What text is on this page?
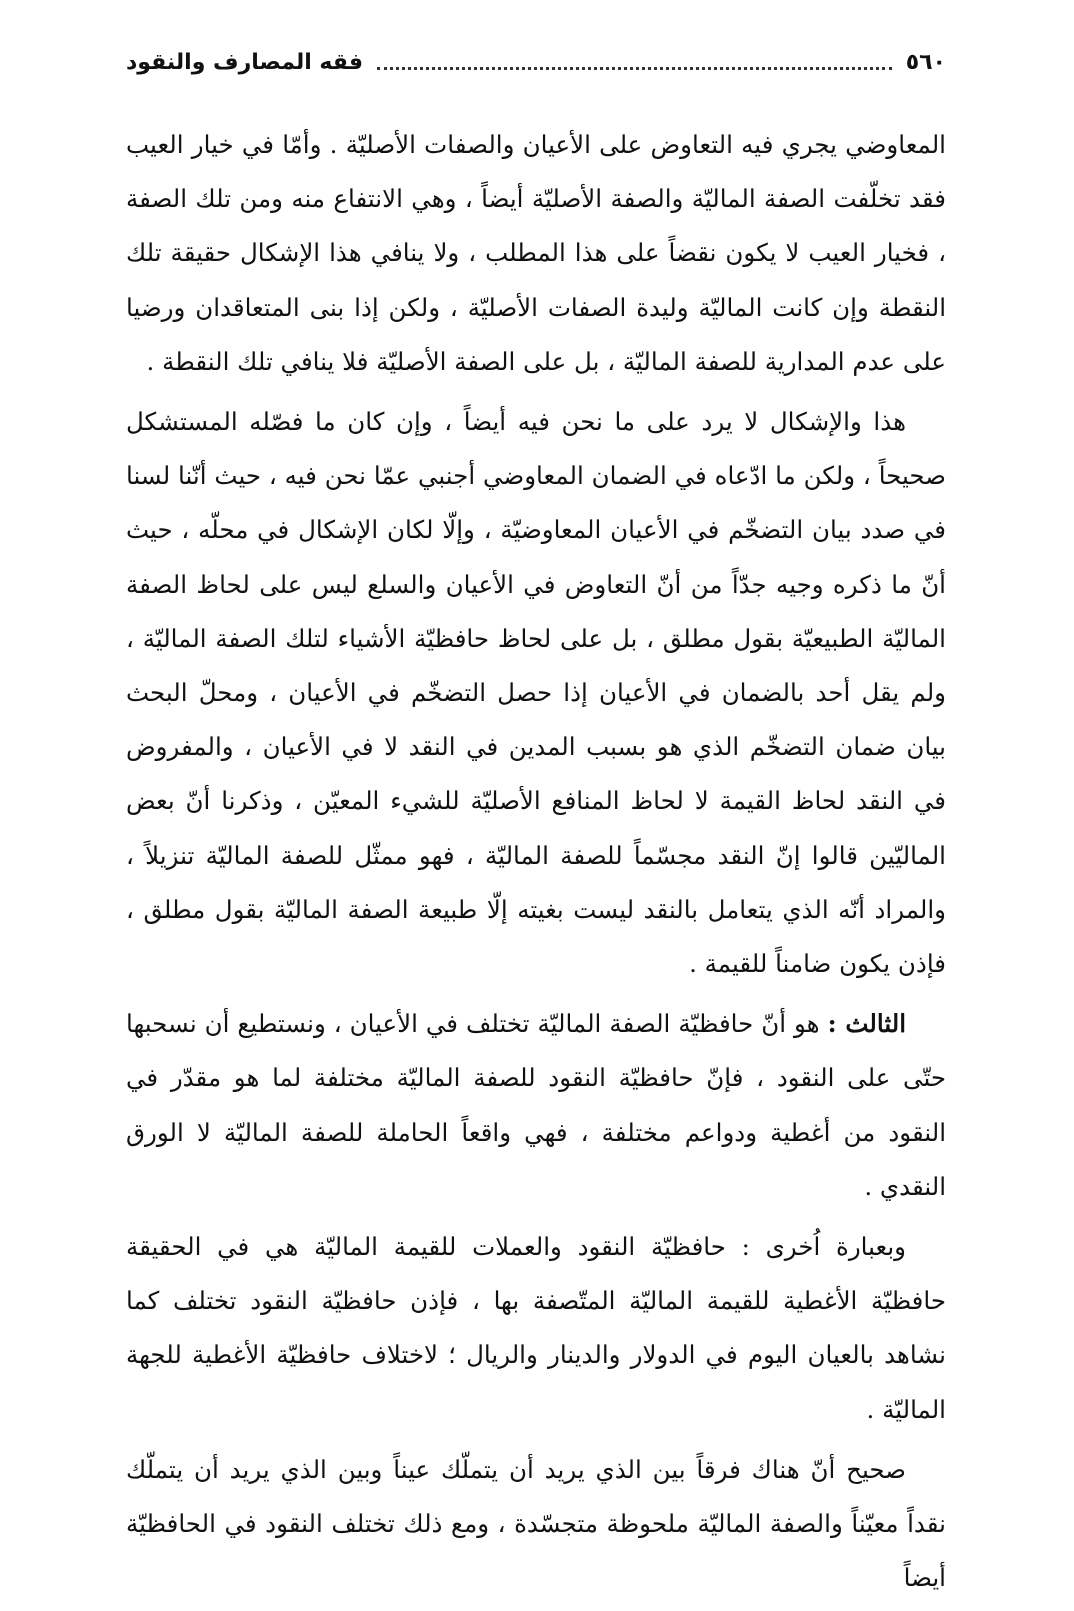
٥٦٠
فقه المصارف والنقود

المعاوضي يجري فيه التعاوض على الأعيان والصفات الأصليّة . وأمّا في خيار العيب فقد تخلّفت الصفة الماليّة والصفة الأصليّة أيضاً ، وهي الانتفاع منه ومن تلك الصفة ، فخيار العيب لا يكون نقضاً على هذا المطلب ، ولا ينافي هذا الإشكال حقيقة تلك النقطة وإن كانت الماليّة وليدة الصفات الأصليّة ، ولكن إذا بنى المتعاقدان ورضيا على عدم المدارية للصفة الماليّة ، بل على الصفة الأصليّة فلا ينافي تلك النقطة .

هذا والإشكال لا يرد على ما نحن فيه أيضاً ، وإن كان ما فصّله المستشكل صحيحاً ، ولكن ما ادّعاه في الضمان المعاوضي أجنبي عمّا نحن فيه ، حيث أنّنا لسنا في صدد بيان التضخّم في الأعيان المعاوضيّة ، وإلّا لكان الإشكال في محلّه ، حيث أنّ ما ذكره وجيه جدّاً من أنّ التعاوض في الأعيان والسلع ليس على لحاظ الصفة الماليّة الطبيعيّة بقول مطلق ، بل على لحاظ حافظيّة الأشياء لتلك الصفة الماليّة ، ولم يقل أحد بالضمان في الأعيان إذا حصل التضخّم في الأعيان ، ومحلّ البحث بيان ضمان التضخّم الذي هو بسبب المدين في النقد لا في الأعيان ، والمفروض في النقد لحاظ القيمة لا لحاظ المنافع الأصليّة للشيء المعيّن ، وذكرنا أنّ بعض الماليّين قالوا إنّ النقد مجسّماً للصفة الماليّة ، فهو ممثّل للصفة الماليّة تنزيلاً ، والمراد أنّه الذي يتعامل بالنقد ليست بغيته إلّا طبيعة الصفة الماليّة بقول مطلق ، فإذن يكون ضامناً للقيمة .

الثالث : هو أنّ حافظيّة الصفة الماليّة تختلف في الأعيان ، ونستطيع أن نسحبها حتّى على النقود ، فإنّ حافظيّة النقود للصفة الماليّة مختلفة لما هو مقدّر في النقود من أغطية ودواعم مختلفة ، فهي واقعاً الحاملة للصفة الماليّة لا الورق النقدي .

وبعبارة اُخرى : حافظيّة النقود والعملات للقيمة الماليّة هي في الحقيقة حافظيّة الأغطية للقيمة الماليّة المتّصفة بها ، فإذن حافظيّة النقود تختلف كما نشاهد بالعيان اليوم في الدولار والدينار والريال ؛ لاختلاف حافظيّة الأغطية للجهة الماليّة .

صحيح أنّ هناك فرقاً بين الذي يريد أن يتملّك عيناً وبين الذي يريد أن يتملّك نقداً معيّناً والصفة الماليّة ملحوظة متجسّدة ، ومع ذلك تختلف النقود في الحافظيّة أيضاً
